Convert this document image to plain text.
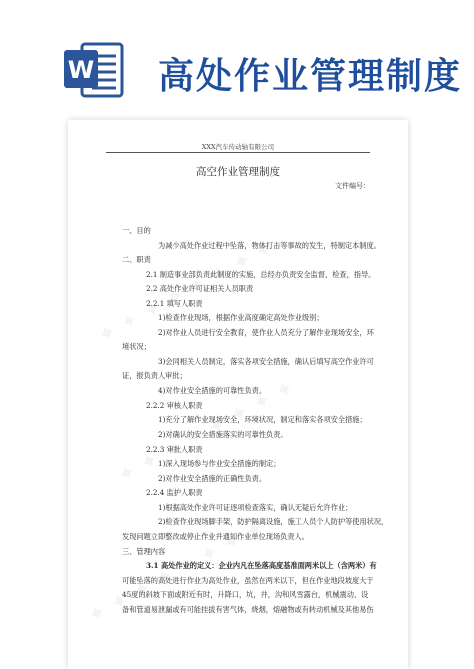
W 高处作业管理制度
XXX汽车传动轴有限公司
高空作业管理制度
文件编号：
一、目的
为减少高处作业过程中坠落，物体打击等事故的发生，特制定本制度。
二、职责
2.1 制造事业部负责此制度的实施，总经办负责安全监督，检查，指导。
2.2 高处作业许可证相关人员职责
2.2.1 填写人职责
1)检查作业现场，根据作业高度确定高处作业级别；
2)对作业人员进行安全教育，使作业人员充分了解作业现场安全，环
境状况；
3)会同相关人员制定，落实各项安全措施，确认后填写高空作业许可
证，报负责人审批；
4)对作业安全措施的可靠性负责。
2.2.2 审核人职责
1)充分了解作业现场安全，环境状况，制定和落实各项安全措施；
2)对确认的安全措施落实的可靠性负责。
2.2.3 审批人职责
1)深入现场参与作业安全措施的制定；
2)对作业安全措施的正确性负责。
2.2.4 监护人职责
1)根据高处作业许可证逐项检查落实，确认无疑后允许作业；
2)检查作业现场脚手架，防护隔离设施，施工人员个人防护等使用状况，
发现问题立即整改或停止作业并通知作业单位现场负责人。
三、管理内容
3.1 高处作业的定义：企业内凡在坠落高度基准面两米以上（含两米）有
可能坠落的高处进行作业为高处作业，虽然在两米以下，但在作业地段坡度大于
45度的斜坡下面或附近有时，升降口，坑，井，沟和风雪露台，机械震动，设
备和管道易泄漏或有可能挂拔有害气体，烧烟，熔融物或有转动机械及其他易伤
